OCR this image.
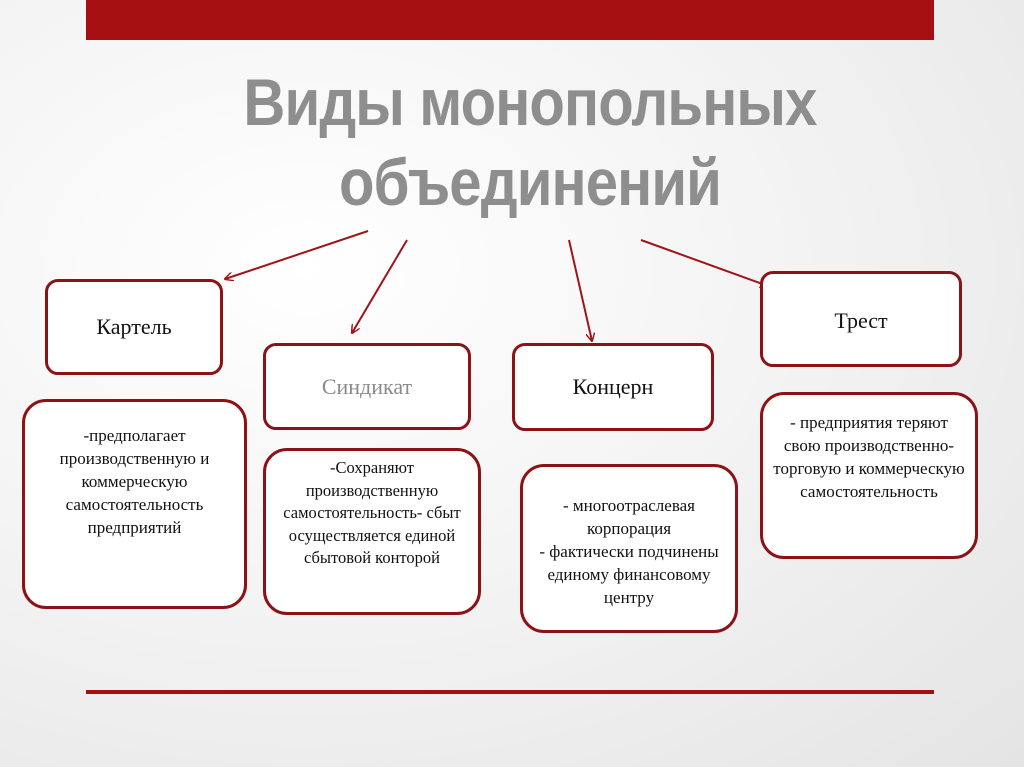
Виды монопольных
объединений
Картель
Синдикат	Концерн
Трест
-предполагает производственную и коммерческую самостоятельность предприятий
-Сохраняют производственную самостоятельность- сбыт осуществляется единой сбытовой конторой
- многоотраслевая корпорация
- фактически подчинены единому финансовому центру
- предприятия теряют свою производственно-торговую и коммерческую самостоятельность
